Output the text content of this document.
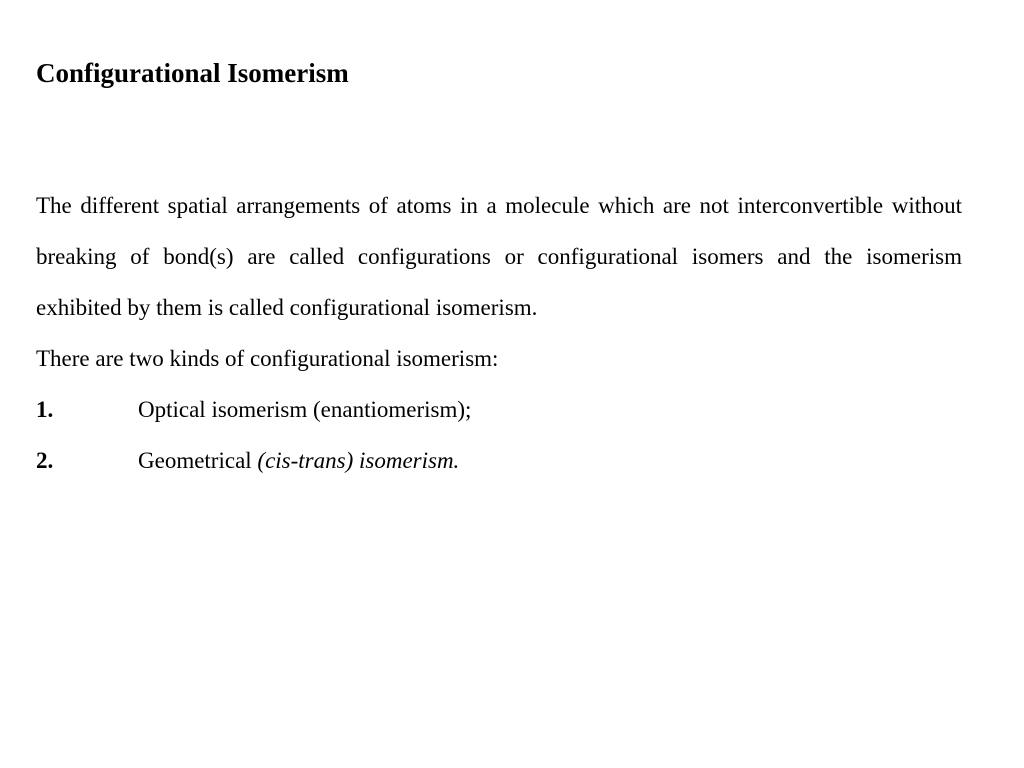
Configurational Isomerism

The different spatial arrangements of atoms in a molecule which are not interconvertible without breaking of bond(s) are called configurations or configurational isomers and the isomerism exhibited by them is called configurational isomerism.

There are two kinds of configurational isomerism:

1.	Optical isomerism (enantiomerism);
2.	Geometrical (cis-trans) isomerism.
